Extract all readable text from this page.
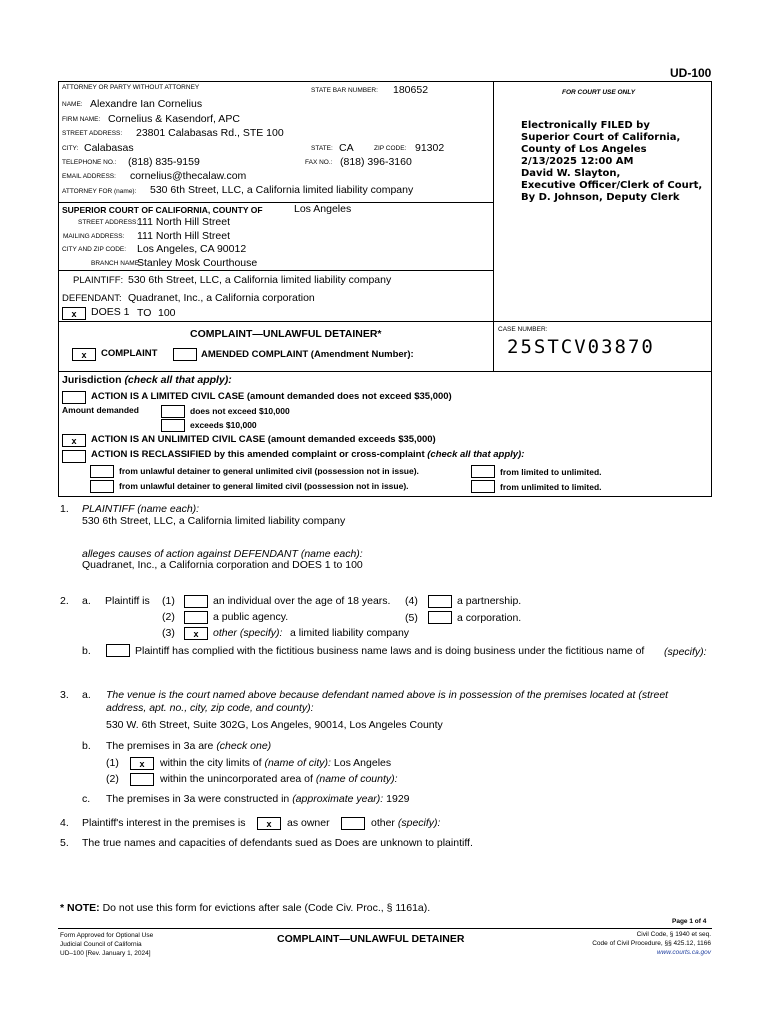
UD-100
ATTORNEY OR PARTY WITHOUT ATTORNEY	STATE BAR NUMBER: 180652	FOR COURT USE ONLY
NAME: Alexandre Ian Cornelius
FIRM NAME: Cornelius & Kasendorf, APC
STREET ADDRESS: 23801 Calabasas Rd., STE 100
CITY: Calabasas	STATE: CA	ZIP CODE: 91302
TELEPHONE NO.: (818) 835-9159	FAX NO.: (818) 396-3160
EMAIL ADDRESS: cornelius@thecalaw.com
ATTORNEY FOR (name): 530 6th Street, LLC, a California limited liability company
Electronically FILED by
Superior Court of California,
County of Los Angeles
2/13/2025 12:00 AM
David W. Slayton,
Executive Officer/Clerk of Court,
By D. Johnson, Deputy Clerk
SUPERIOR COURT OF CALIFORNIA, COUNTY OF	Los Angeles
STREET ADDRESS:
111 North Hill Street
MAILING ADDRESS: 111 North Hill Street
CITY AND ZIP CODE: Los Angeles, CA 90012
BRANCH NAME:
Stanley Mosk Courthouse
PLAINTIFF: 530 6th Street, LLC, a California limited liability company
DEFENDANT: Quadranet, Inc., a California corporation
x	DOES 1 TO 100
COMPLAINT—UNLAWFUL DETAINER*
x	COMPLAINT	AMENDED COMPLAINT (Amendment Number):
CASE NUMBER:
25STCV03870
Jurisdiction (check all that apply):
ACTION IS A LIMITED CIVIL CASE (amount demanded does not exceed $35,000)
Amount demanded	does not exceed $10,000
exceeds $10,000
x	ACTION IS AN UNLIMITED CIVIL CASE (amount demanded exceeds $35,000)
ACTION IS RECLASSIFIED by this amended complaint or cross-complaint (check all that apply):
from unlawful detainer to general unlimited civil (possession not in issue).
from unlawful detainer to general limited civil (possession not in issue).
from limited to unlimited.
from unlimited to limited.
1. PLAINTIFF (name each):
530 6th Street, LLC, a California limited liability company
alleges causes of action against DEFENDANT (name each):
Quadranet, Inc., a California corporation and DOES 1 to 100
2. a. Plaintiff is (1)	an individual over the age of 18 years. (4)	a partnership.
(2)	a public agency.	(5)	a corporation.
(3)	x	other (specify): a limited liability company
b.	Plaintiff has complied with the fictitious business name laws and is doing business under the fictitious name of (specify):
3. a. The venue is the court named above because defendant named above is in possession of the premises located at (street
address, apt. no., city, zip code, and county):
530 W. 6th Street, Suite 302G, Los Angeles, 90014, Los Angeles County
b. The premises in 3a are (check one)
(1)	x	within the city limits of (name of city): Los Angeles
(2)	within the unincorporated area of (name of county):
c. The premises in 3a were constructed in (approximate year): 1929
4. Plaintiff's interest in the premises is	x	as owner	other (specify):
5. The true names and capacities of defendants sued as Does are unknown to plaintiff.
* NOTE: Do not use this form for evictions after sale (Code Civ. Proc., § 1161a).
Page 1 of 4
Form Approved for Optional Use
Judicial Council of California
UD–100 [Rev. January 1, 2024]
COMPLAINT—UNLAWFUL DETAINER	Civil Code, § 1940 et seq.
Code of Civil Procedure, §§ 425.12, 1166
www.courts.ca.gov
